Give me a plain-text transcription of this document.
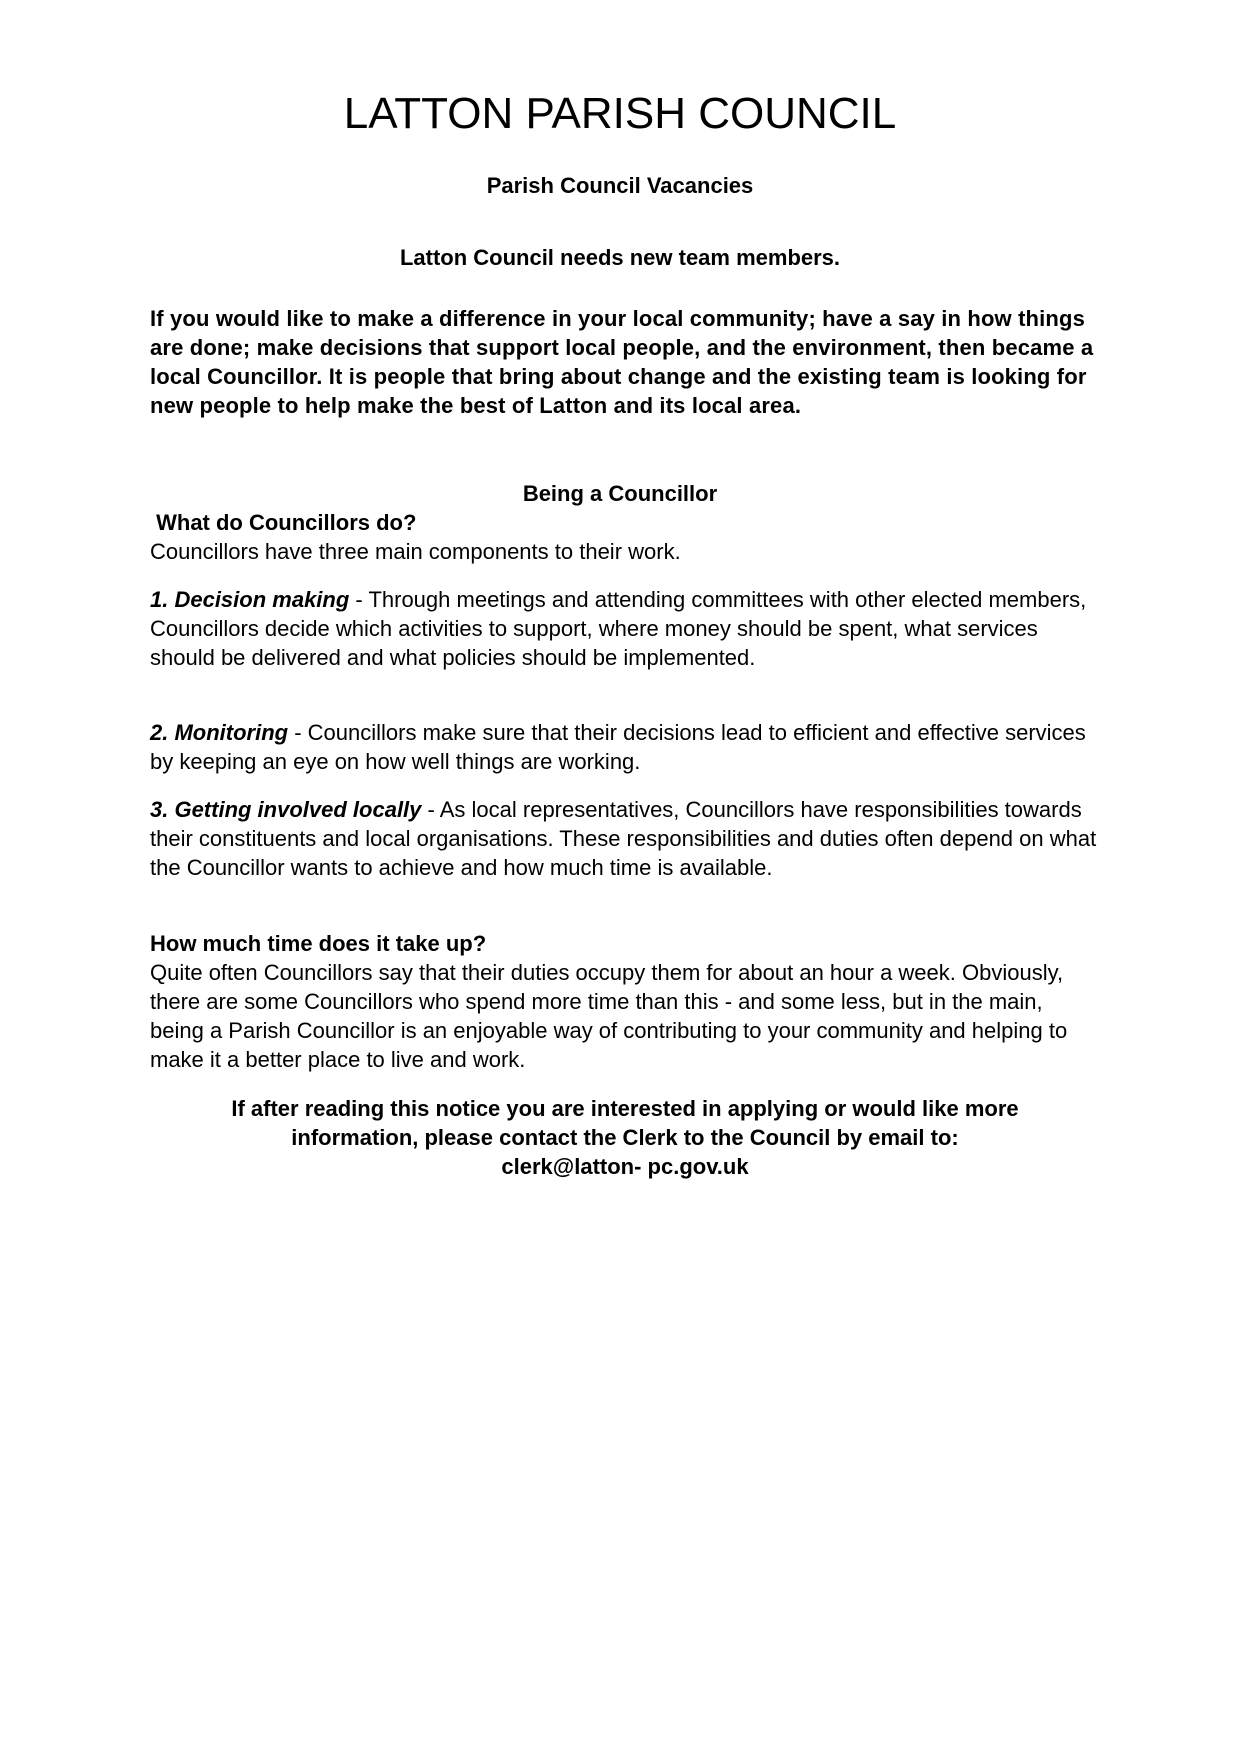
LATTON PARISH COUNCIL

Parish Council Vacancies

Latton Council needs new team members.

If you would like to make a difference in your local community; have a say in how things are done; make decisions that support local people, and the environment, then became a local Councillor. It is people that bring about change and the existing team is looking for new people to help make the best of Latton and its local area.

Being a Councillor

What do Councillors do?

Councillors have three main components to their work.

1. Decision making - Through meetings and attending committees with other elected members, Councillors decide which activities to support, where money should be spent, what services should be delivered and what policies should be implemented.

2. Monitoring - Councillors make sure that their decisions lead to efficient and effective services by keeping an eye on how well things are working.

3. Getting involved locally - As local representatives, Councillors have responsibilities towards their constituents and local organisations. These responsibilities and duties often depend on what the Councillor wants to achieve and how much time is available.

How much time does it take up?

Quite often Councillors say that their duties occupy them for about an hour a week. Obviously, there are some Councillors who spend more time than this - and some less, but in the main, being a Parish Councillor is an enjoyable way of contributing to your community and helping to make it a better place to live and work.

If after reading this notice you are interested in applying or would like more

information, please contact the Clerk to the Council by email to:

clerk@latton- pc.gov.uk
